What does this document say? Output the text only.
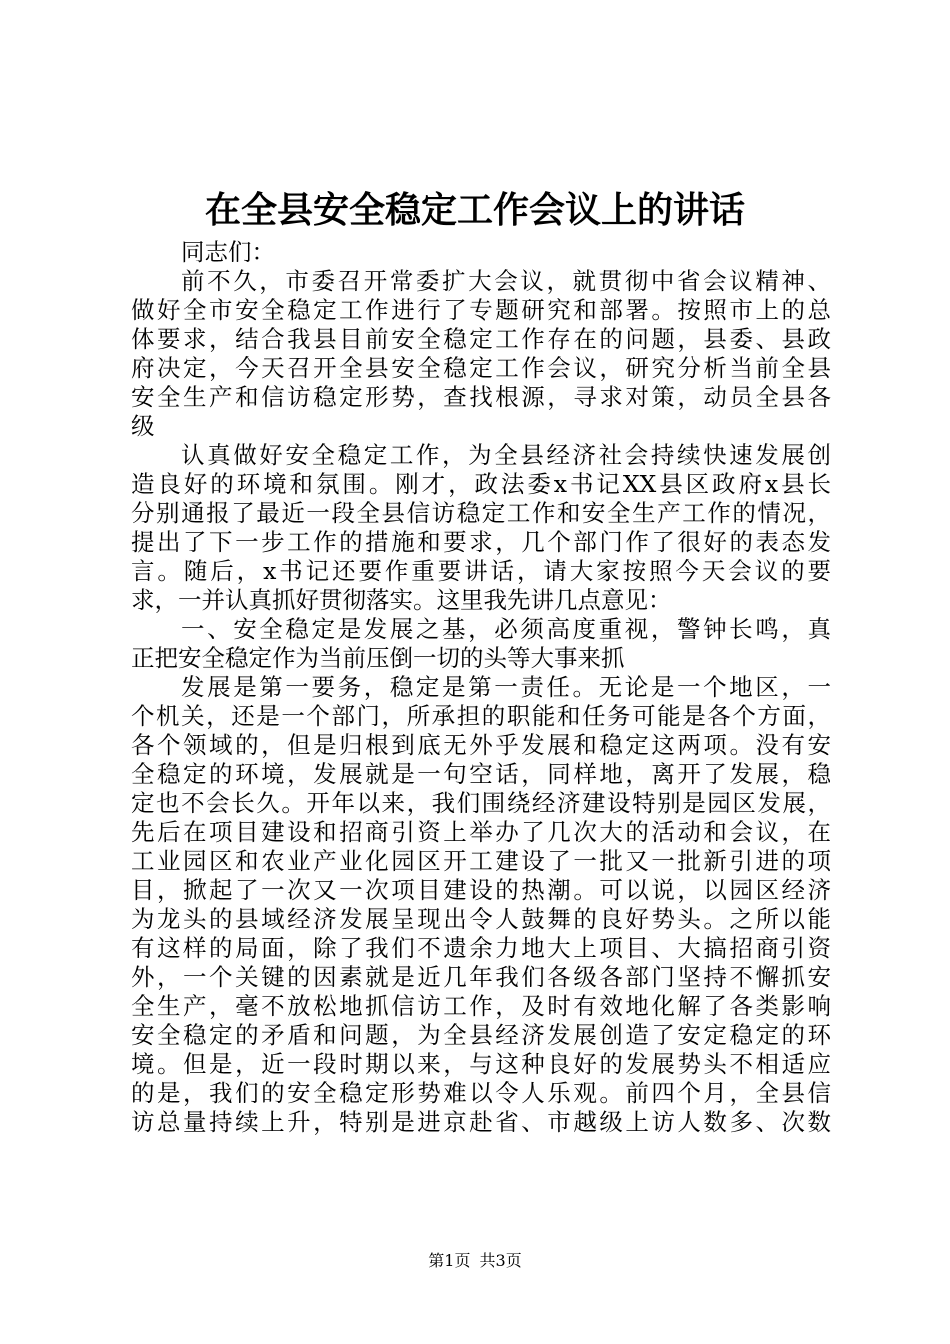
在全县安全稳定工作会议上的讲话
同志们：
前不久，市委召开常委扩大会议，就贯彻中省会议精神、
做好全市安全稳定工作进行了专题研究和部署。按照市上的总
体要求，结合我县目前安全稳定工作存在的问题，县委、县政
府决定，今天召开全县安全稳定工作会议，研究分析当前全县
安全生产和信访稳定形势，查找根源，寻求对策，动员全县各
级
认真做好安全稳定工作，为全县经济社会持续快速发展创
造良好的环境和氛围。刚才，政法委x书记XX县区政府x县长
分别通报了最近一段全县信访稳定工作和安全生产工作的情况，
提出了下一步工作的措施和要求，几个部门作了很好的表态发
言。随后，x书记还要作重要讲话，请大家按照今天会议的要
求，一并认真抓好贯彻落实。这里我先讲几点意见：
一、安全稳定是发展之基，必须高度重视，警钟长鸣，真
正把安全稳定作为当前压倒一切的头等大事来抓
发展是第一要务，稳定是第一责任。无论是一个地区，一
个机关，还是一个部门，所承担的职能和任务可能是各个方面，
各个领域的，但是归根到底无外乎发展和稳定这两项。没有安
全稳定的环境，发展就是一句空话，同样地，离开了发展，稳
定也不会长久。开年以来，我们围绕经济建设特别是园区发展，
先后在项目建设和招商引资上举办了几次大的活动和会议，在
工业园区和农业产业化园区开工建设了一批又一批新引进的项
目，掀起了一次又一次项目建设的热潮。可以说，以园区经济
为龙头的县域经济发展呈现出令人鼓舞的良好势头。之所以能
有这样的局面，除了我们不遗余力地大上项目、大搞招商引资
外，一个关键的因素就是近几年我们各级各部门坚持不懈抓安
全生产，毫不放松地抓信访工作，及时有效地化解了各类影响
安全稳定的矛盾和问题，为全县经济发展创造了安定稳定的环
境。但是，近一段时期以来，与这种良好的发展势头不相适应
的是，我们的安全稳定形势难以令人乐观。前四个月，全县信
访总量持续上升，特别是进京赴省、市越级上访人数多、次数
第1页 共3页
